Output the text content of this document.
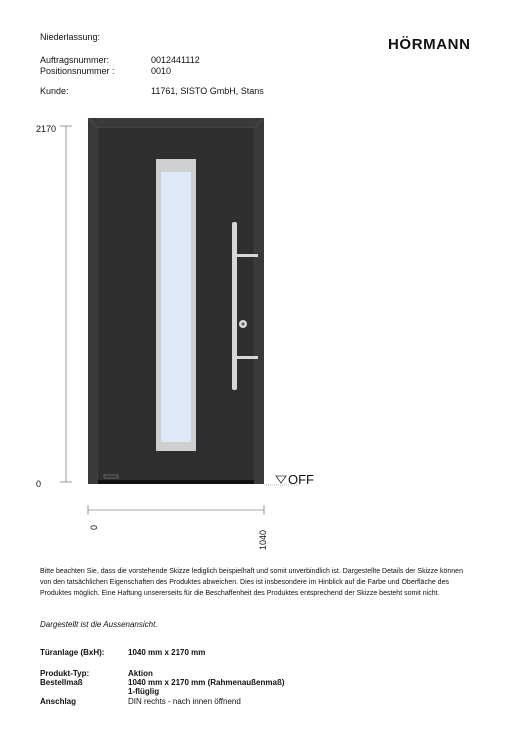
Niederlassung:	HÖRMANN
Auftragsnummer:	0012441112
Positionsnummer :	0010
Kunde:	11761, SISTO GmbH, Stans
2170
0
0
1040
OFF

Bitte beachten Sie, dass die vorstehende Skizze lediglich beispielhaft und somit unverbindlich ist. Dargestellte Details der Skizze können

von den tatsächlichen Eigenschaften des Produktes abweichen. Dies ist insbesondere im Hinblick auf die Farbe und Oberfläche des

Produktes möglich. Eine Haftung unsererseits für die Beschaffenheit des Produktes entsprechend der Skizze besteht somit nicht.

Dargestellt ist die Aussenansicht.
Türanlage (BxH):	1040 mm x 2170 mm
Produkt-Typ:	Aktion
Bestellmaß	1040 mm x 2170 mm (Rahmenaußenmaß)
1-flüglig
Anschlag	DIN rechts - nach innen öffnend
